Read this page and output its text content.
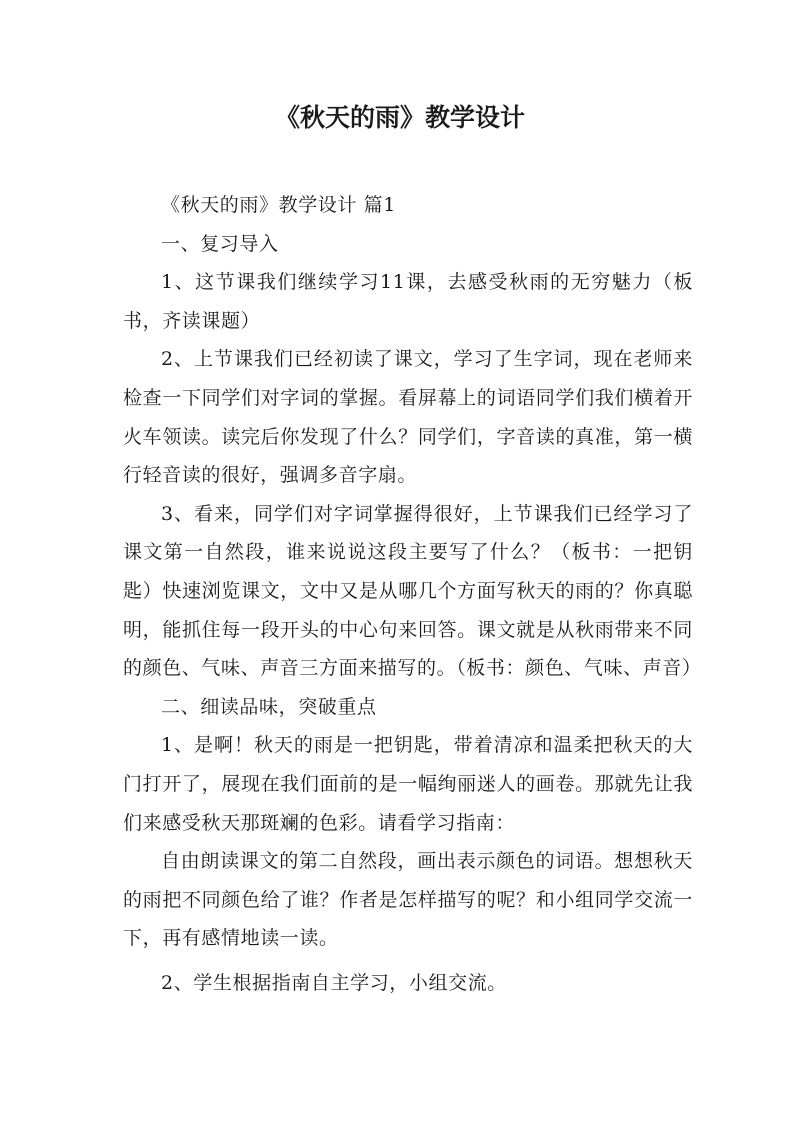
《秋天的雨》教学设计

《秋天的雨》教学设计 篇1

一、复习导入

1、这节课我们继续学习11课，去感受秋雨的无穷魅力（板书，齐读课题）

2、上节课我们已经初读了课文，学习了生字词，现在老师来检查一下同学们对字词的掌握。看屏幕上的词语同学们我们横着开火车领读。读完后你发现了什么？同学们，字音读的真准，第一横行轻音读的很好，强调多音字扇。

3、看来，同学们对字词掌握得很好，上节课我们已经学习了课文第一自然段，谁来说说这段主要写了什么？（板书：一把钥匙）快速浏览课文，文中又是从哪几个方面写秋天的雨的？你真聪明，能抓住每一段开头的中心句来回答。课文就是从秋雨带来不同的颜色、气味、声音三方面来描写的。（板书：颜色、气味、声音）

二、细读品味，突破重点

1、是啊！秋天的雨是一把钥匙，带着清凉和温柔把秋天的大门打开了，展现在我们面前的是一幅绚丽迷人的画卷。那就先让我们来感受秋天那斑斓的色彩。请看学习指南：

自由朗读课文的第二自然段，画出表示颜色的词语。想想秋天的雨把不同颜色给了谁？作者是怎样描写的呢？和小组同学交流一下，再有感情地读一读。

2、学生根据指南自主学习，小组交流。
